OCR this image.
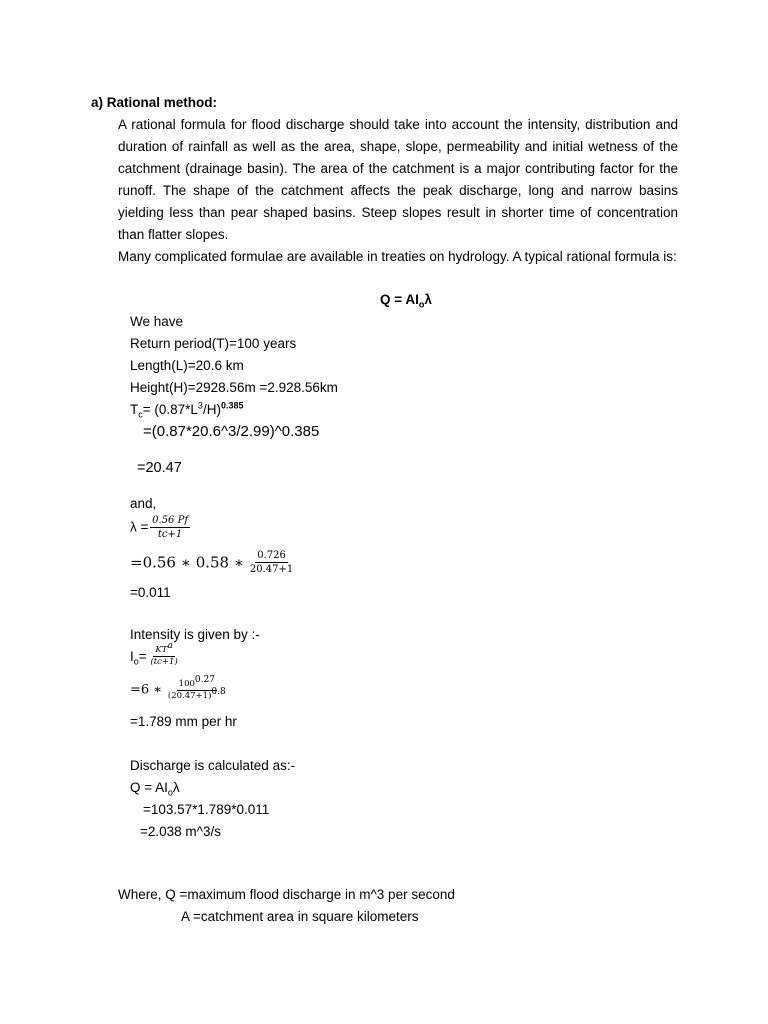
a) Rational method:
A rational formula for flood discharge should take into account the intensity, distribution and duration of rainfall as well as the area, shape, slope, permeability and initial wetness of the catchment (drainage basin). The area of the catchment is a major contributing factor for the runoff. The shape of the catchment affects the peak discharge, long and narrow basins yielding less than pear shaped basins. Steep slopes result in shorter time of concentration than flatter slopes.
Many complicated formulae are available in treaties on hydrology. A typical rational formula is:
$Q = AI_o\lambda$
We have
Return period(T)=100 years
Length(L)=20.6 km
Height(H)=2928.56m =2.928.56km
$T_c= (0.87*L^3/H)^{0.385}$
=(0.87*20.6^3/2.99)^0.385
=20.47
and,
$\lambda = \frac{0.56 Pf}{tc+1}$
=0.56 ∗ 0.58 ∗ $\frac{0.726}{20.47+1}$
=0.011
Intensity is given by :-
$I_o= \frac{KT^a}{(tc+1)}$
=6 ∗ $\frac{100^{0.27}}{(20.47+1)^{0.8}}$
=1.789 mm per hr
Discharge is calculated as:-
$Q = AI_o\lambda$
=103.57*1.789*0.011
=2.038 m^3/s
Where, Q =maximum flood discharge in m^3 per second
A =catchment area in square kilometers
